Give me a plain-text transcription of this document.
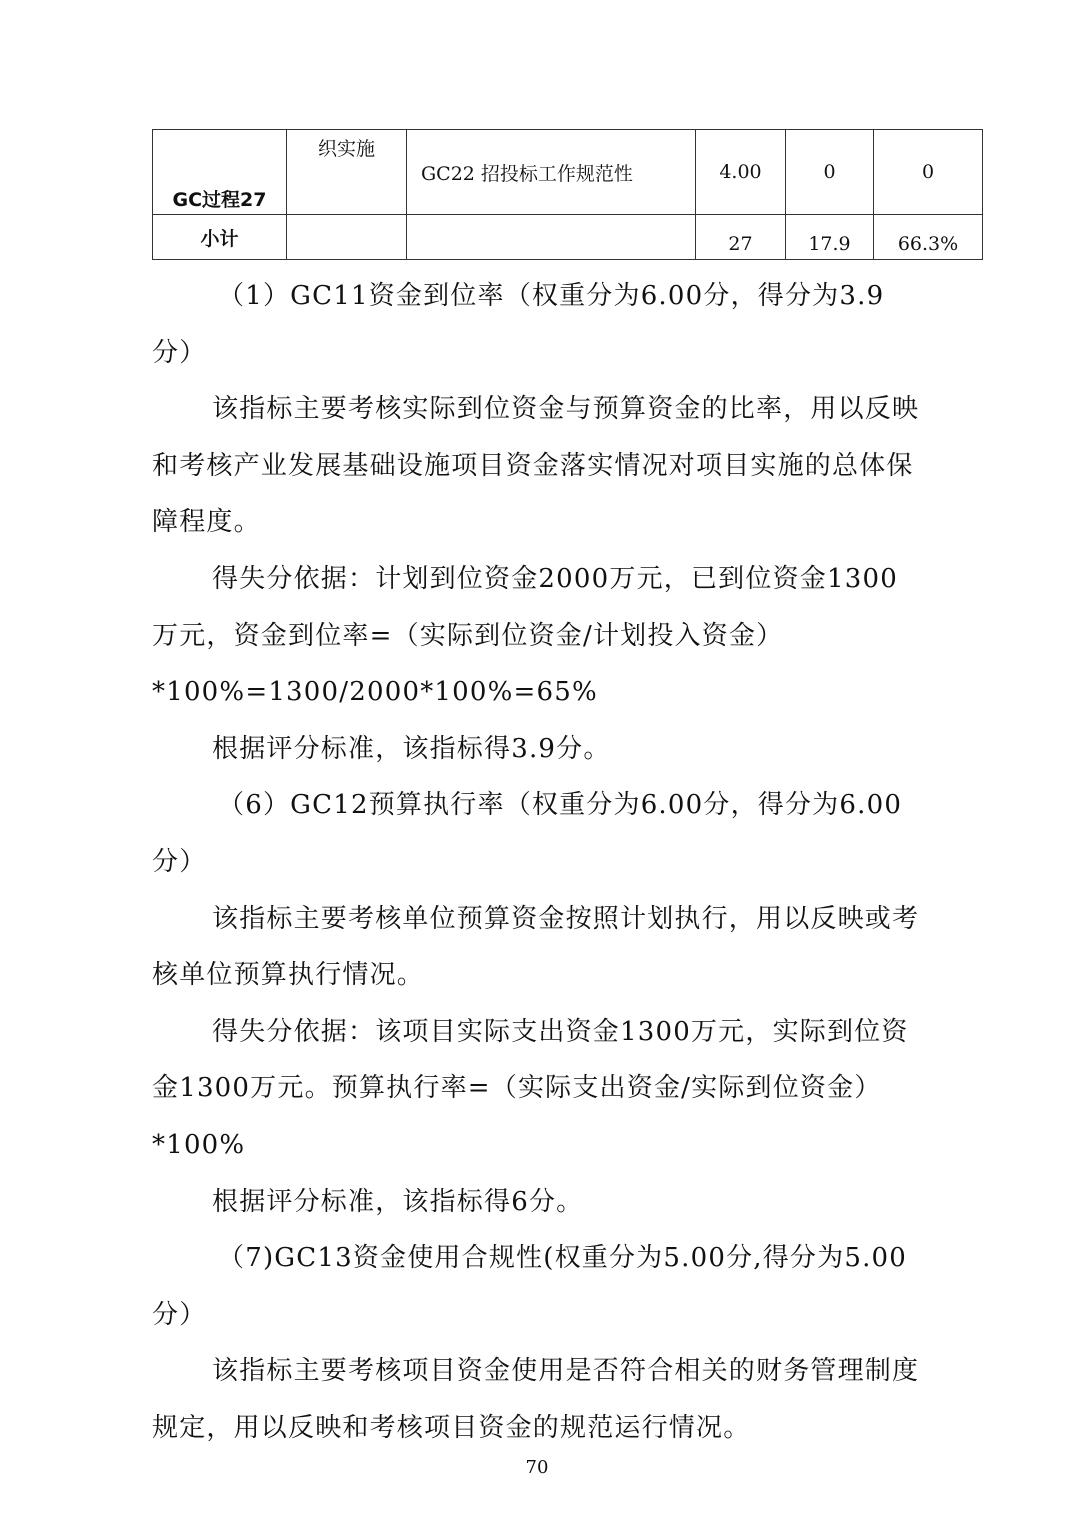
GC过程27	织实施	GC22 招投标工作规范性	4.00	0	0
小计			27	17.9	66.3%

（1）GC11资金到位率（权重分为6.00分，得分为3.9分）

该指标主要考核实际到位资金与预算资金的比率，用以反映和考核产业发展基础设施项目资金落实情况对项目实施的总体保障程度。

得失分依据：计划到位资金2000万元，已到位资金1300万元，资金到位率=（实际到位资金/计划投入资金）*100%=1300/2000*100%=65%

根据评分标准，该指标得3.9分。

（6）GC12预算执行率（权重分为6.00分，得分为6.00分）

该指标主要考核单位预算资金按照计划执行，用以反映或考核单位预算执行情况。

得失分依据：该项目实际支出资金1300万元，实际到位资金1300万元。预算执行率=（实际支出资金/实际到位资金）*100%

根据评分标准，该指标得6分。

（7)GC13资金使用合规性(权重分为5.00分,得分为5.00分）

该指标主要考核项目资金使用是否符合相关的财务管理制度规定，用以反映和考核项目资金的规范运行情况。

70
